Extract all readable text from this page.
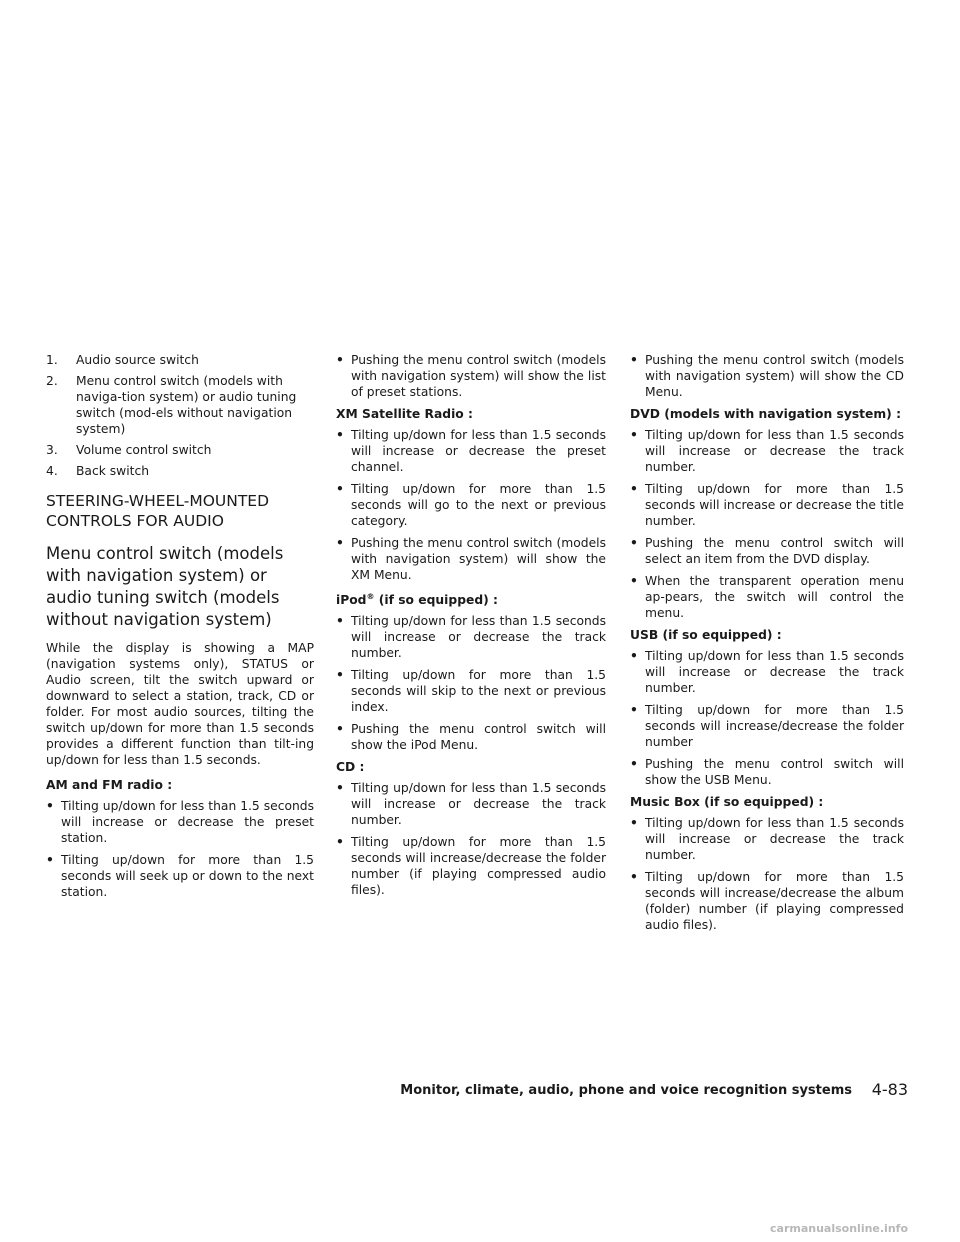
1.	Audio source switch
2.	Menu control switch (models with naviga-tion system) or audio tuning switch (mod-els without navigation system)
3.	Volume control switch
4.	Back switch
STEERING-WHEEL-MOUNTED
CONTROLS FOR AUDIO
Menu control switch (models with navigation system) or audio tuning switch (models without navigation system)

While the display is showing a MAP (navigation systems only), STATUS or Audio screen, tilt the switch upward or downward to select a station, track, CD or folder. For most audio sources, tilting the switch up/down for more than 1.5 seconds provides a different function than tilt-ing up/down for less than 1.5 seconds.

AM and FM radio :
• Tilting up/down for less than 1.5 seconds will increase or decrease the preset station.
• Tilting up/down for more than 1.5 seconds will seek up or down to the next station.
• Pushing the menu control switch (models with navigation system) will show the list of preset stations.
XM Satellite Radio :
• Tilting up/down for less than 1.5 seconds will increase or decrease the preset channel.
• Tilting up/down for more than 1.5 seconds will go to the next or previous category.
• Pushing the menu control switch (models with navigation system) will show the XM Menu.
iPod® (if so equipped) :
• Tilting up/down for less than 1.5 seconds will increase or decrease the track number.
• Tilting up/down for more than 1.5 seconds will skip to the next or previous index.
• Pushing the menu control switch will show the iPod Menu.
CD :
• Tilting up/down for less than 1.5 seconds will increase or decrease the track number.
• Tilting up/down for more than 1.5 seconds will increase/decrease the folder number (if playing compressed audio files).
• Pushing the menu control switch (models with navigation system) will show the CD Menu.
DVD (models with navigation system) :
• Tilting up/down for less than 1.5 seconds will increase or decrease the track number.
• Tilting up/down for more than 1.5 seconds will increase or decrease the title number.
• Pushing the menu control switch will select an item from the DVD display.
• When the transparent operation menu ap-pears, the switch will control the menu.
USB (if so equipped) :
• Tilting up/down for less than 1.5 seconds will increase or decrease the track number.
• Tilting up/down for more than 1.5 seconds will increase/decrease the folder number
• Pushing the menu control switch will show the USB Menu.
Music Box (if so equipped) :
• Tilting up/down for less than 1.5 seconds will increase or decrease the track number.
• Tilting up/down for more than 1.5 seconds will increase/decrease the album (folder) number (if playing compressed audio files).
Monitor, climate, audio, phone and voice recognition systems 4-83
carmanualsonline.info
